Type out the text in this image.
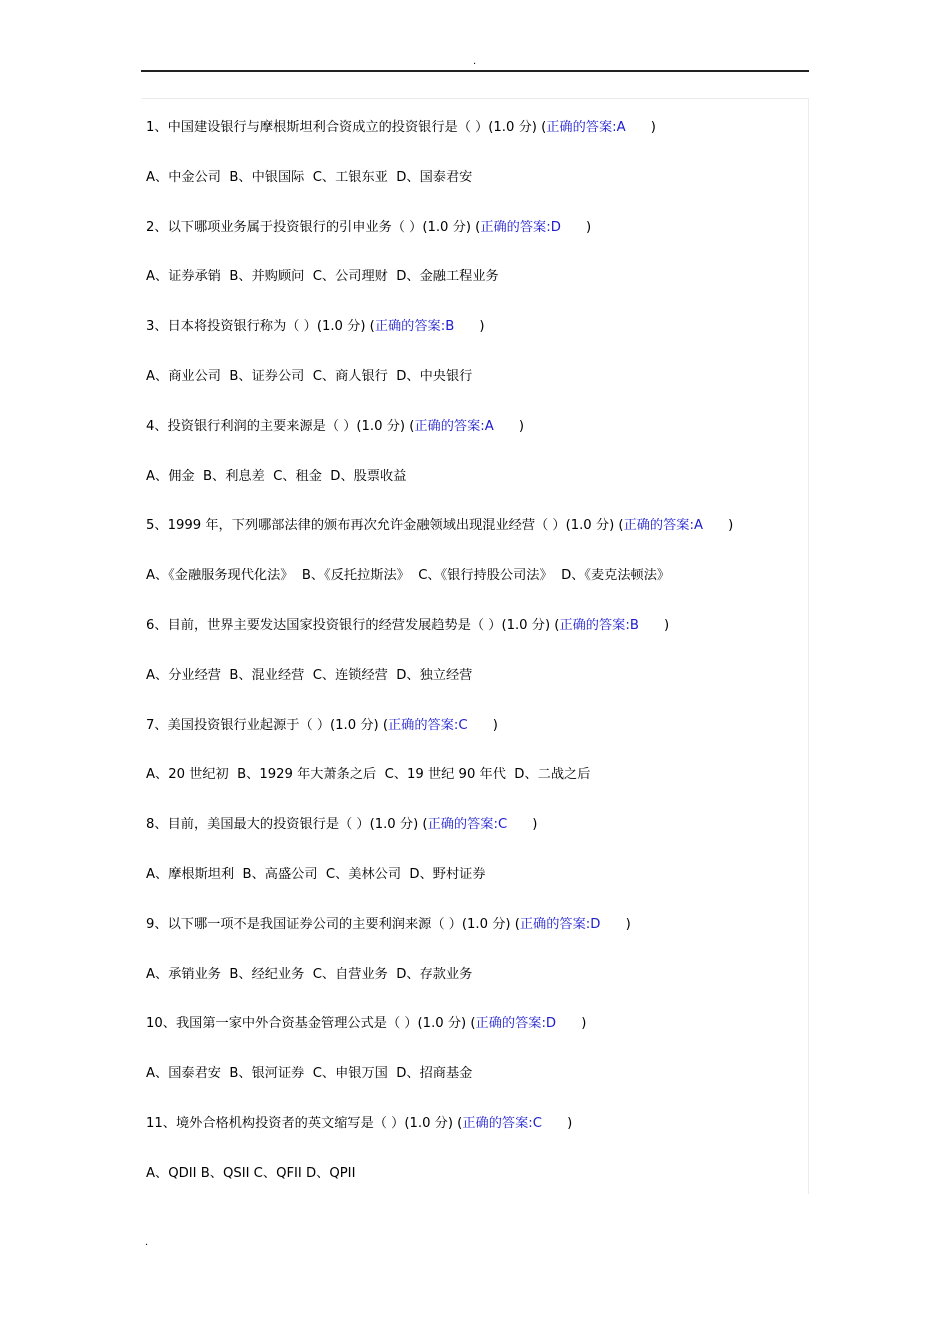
.
1、中国建设银行与摩根斯坦利合资成立的投资银行是（ ）(1.0 分) (正确的答案:A      )
A、中金公司  B、中银国际  C、工银东亚  D、国泰君安
2、以下哪项业务属于投资银行的引申业务（ ）(1.0 分) (正确的答案:D      )
A、证券承销  B、并购顾问  C、公司理财  D、金融工程业务
3、日本将投资银行称为（ ）(1.0 分) (正确的答案:B      )
A、商业公司  B、证券公司  C、商人银行  D、中央银行
4、投资银行利润的主要来源是（ ）(1.0 分) (正确的答案:A      )
A、佣金  B、利息差  C、租金  D、股票收益
5、1999 年，下列哪部法律的颁布再次允许金融领域出现混业经营（ ）(1.0 分) (正确的答案:A      )
A、《金融服务现代化法》  B、《反托拉斯法》  C、《银行持股公司法》  D、《麦克法顿法》
6、目前，世界主要发达国家投资银行的经营发展趋势是（ ）(1.0 分) (正确的答案:B      )
A、分业经营  B、混业经营  C、连锁经营  D、独立经营
7、美国投资银行业起源于（ ）(1.0 分) (正确的答案:C      )
A、20 世纪初  B、1929 年大萧条之后  C、19 世纪 90 年代  D、二战之后
8、目前，美国最大的投资银行是（ ）(1.0 分) (正确的答案:C      )
A、摩根斯坦利  B、高盛公司  C、美林公司  D、野村证券
9、以下哪一项不是我国证券公司的主要利润来源（ ）(1.0 分) (正确的答案:D      )
A、承销业务  B、经纪业务  C、自营业务  D、存款业务
10、我国第一家中外合资基金管理公式是（ ）(1.0 分) (正确的答案:D      )
A、国泰君安  B、银河证券  C、申银万国  D、招商基金
11、境外合格机构投资者的英文缩写是（ ）(1.0 分) (正确的答案:C      )
A、QDII B、QSII C、QFII D、QPII
.
